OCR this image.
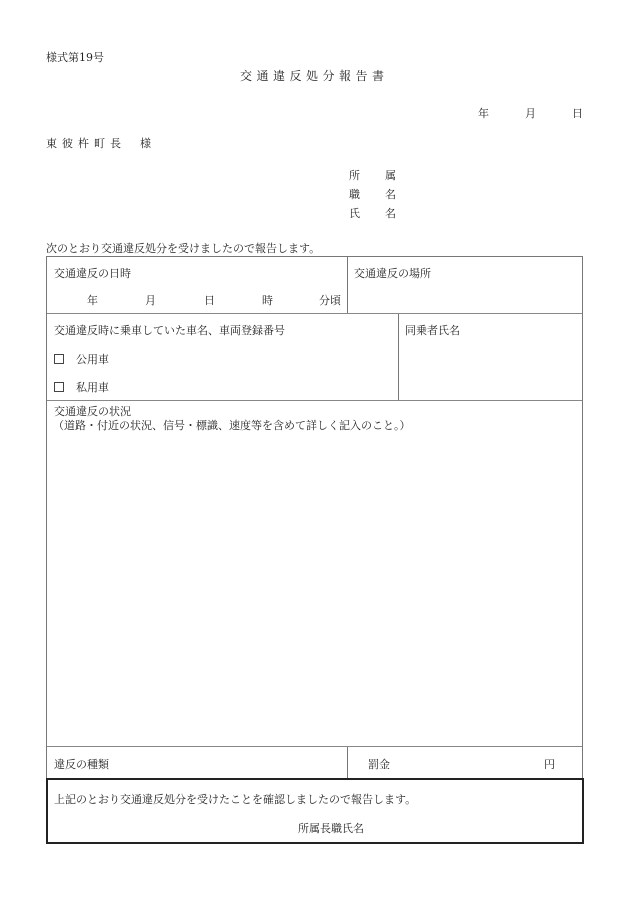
様式第19号
交通違反処分報告書
年	月	日
東彼杵町長 様
所 属
職 名
氏 名
次のとおり交通違反処分を受けましたので報告します。
交通違反の日時
年	月	日	時	分頃
交通違反の場所
交通違反時に乗車していた車名、車両登録番号
公用車
私用車
同乗者氏名
交通違反の状況
（道路・付近の状況、信号・標識、速度等を含めて詳しく記入のこと。）
違反の種類	罰金	円
上記のとおり交通違反処分を受けたことを確認しましたので報告します。
所属長職氏名
